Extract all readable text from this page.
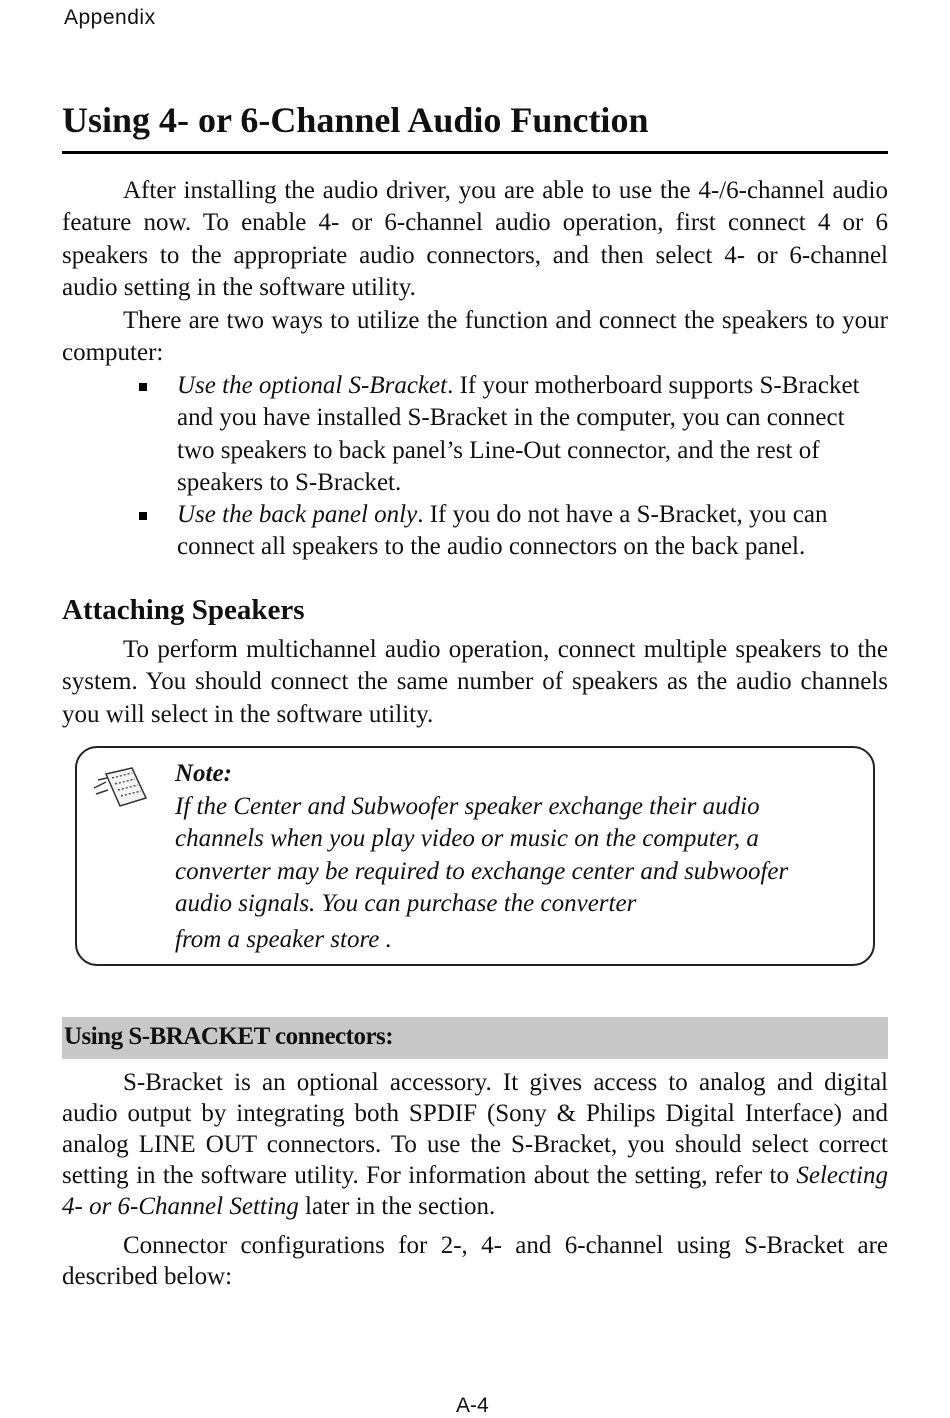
Appendix
Using 4- or 6-Channel Audio Function

After installing the audio driver, you are able to use the 4-/6-channel audio feature now. To enable 4- or 6-channel audio operation, first connect 4 or 6 speakers to the appropriate audio connectors, and then select 4- or 6-channel audio setting in the software utility.

There are two ways to utilize the function and connect the speakers to your computer:

Use the optional S-Bracket. If your motherboard supports S-Bracket and you have installed S-Bracket in the computer, you can connect two speakers to back panel’s Line-Out connector, and the rest of speakers to S-Bracket.
Use the back panel only. If you do not have a S-Bracket, you can connect all speakers to the audio connectors on the back panel.
Attaching Speakers

To perform multichannel audio operation, connect multiple speakers to the system. You should connect the same number of speakers as the audio channels you will select in the software utility.

Note:
If the Center and Subwoofer speaker exchange their audio channels when you play video or music on the computer, a converter may be required to exchange center and subwoofer audio signals. You can purchase the converter
from a speaker store .
Using S-BRACKET connectors:

S-Bracket is an optional accessory. It gives access to analog and digital audio output by integrating both SPDIF (Sony & Philips Digital Interface) and analog LINE OUT connectors. To use the S-Bracket, you should select correct setting in the software utility. For information about the setting, refer to Selecting 4- or 6-Channel Setting later in the section.

Connector configurations for 2-, 4- and 6-channel using S-Bracket are described below:

A-4
